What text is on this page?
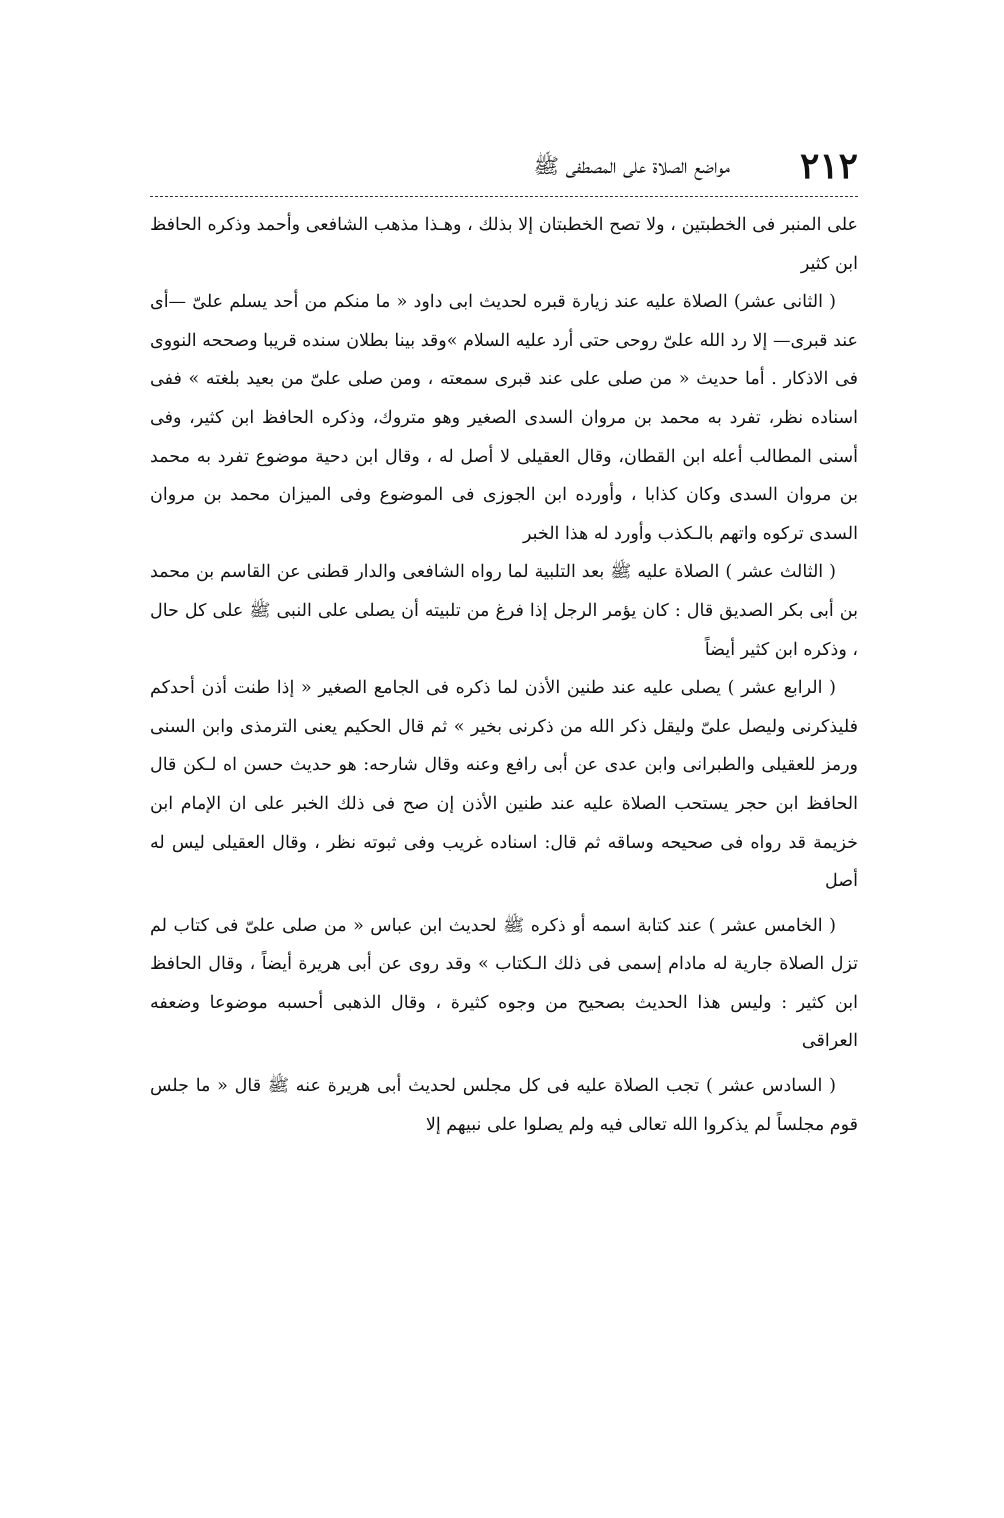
٢١٢
مواضع الصلاة على المصطفى ﷺ

على المنبر فى الخطبتين ، ولا تصح الخطبتان إلا بذلك ، وهـذا مذهب الشافعى وأحمد وذكره الحافظ ابن كثير

( الثانى عشر) الصلاة عليه عند زيارة قبره لحديث ابى داود « ما منكم من أحد يسلم علىّ —أى عند قبرى— إلا رد الله علىّ روحى حتى أرد عليه السلام »وقد بينا بطلان سنده قريبا وصححه النووى فى الاذكار . أما حديث « من صلى على عند قبرى سمعته ، ومن صلى علىّ من بعيد بلغته » ففى اسناده نظر، تفرد به محمد بن مروان السدى الصغير وهو متروك، وذكره الحافظ ابن كثير، وفى أسنى المطالب أعله ابن القطان، وقال العقيلى لا أصل له ، وقال ابن دحية موضوع تفرد به محمد بن مروان السدى وكان كذابا ، وأورده ابن الجوزى فى الموضوع وفى الميزان محمد بن مروان السدى تركوه واتهم بالـكذب وأورد له هذا الخبر

( الثالث عشر ) الصلاة عليه ﷺ بعد التلبية لما رواه الشافعى والدار قطنى عن القاسم بن محمد بن أبى بكر الصديق قال : كان يؤمر الرجل إذا فرغ من تلبيته أن يصلى على النبى ﷺ على كل حال ، وذكره ابن كثير أيضاً

( الرابع عشر ) يصلى عليه عند طنين الأذن لما ذكره فى الجامع الصغير « إذا طنت أذن أحدكم فليذكرنى وليصل علىّ وليقل ذكر الله من ذكرنى بخير » ثم قال الحكيم يعنى الترمذى وابن السنى ورمز للعقيلى والطبرانى وابن عدى عن أبى رافع وعنه وقال شارحه: هو حديث حسن اه لـكن قال الحافظ ابن حجر يستحب الصلاة عليه عند طنين الأذن إن صح فى ذلك الخبر على ان الإمام ابن خزيمة قد رواه فى صحيحه وساقه ثم قال: اسناده غريب وفى ثبوته نظر ، وقال العقيلى ليس له أصل

( الخامس عشر ) عند كتابة اسمه أو ذكره ﷺ لحديث ابن عباس « من صلى علىّ فى كتاب لم تزل الصلاة جارية له مادام إسمى فى ذلك الـكتاب » وقد روى عن أبى هريرة أيضاً ، وقال الحافظ ابن كثير : وليس هذا الحديث بصحيح من وجوه كثيرة ، وقال الذهبى أحسبه موضوعا وضعفه العراقى

( السادس عشر ) تجب الصلاة عليه فى كل مجلس لحديث أبى هريرة عنه ﷺ قال « ما جلس قوم مجلساً لم يذكروا الله تعالى فيه ولم يصلوا على نبيهم إلا
